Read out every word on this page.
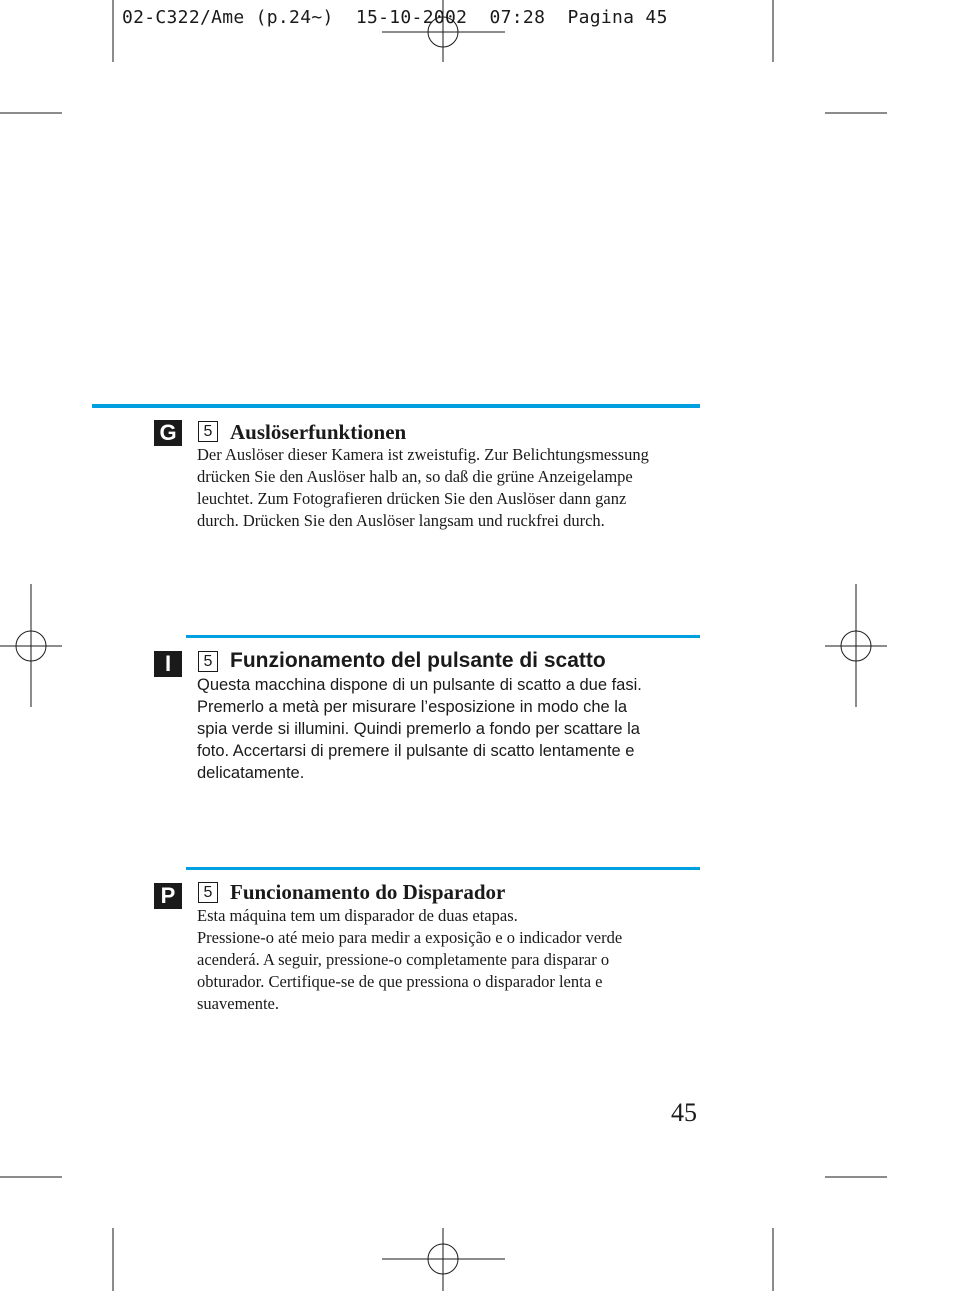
02-C322/Ame (p.24~)  15-10-2002  07:28  Pagina 45
G	5 Auslöserfunktionen
Der Auslöser dieser Kamera ist zweistufig. Zur Belichtungsmessung
drücken Sie den Auslöser halb an, so daß die grüne Anzeigelampe
leuchtet. Zum Fotografieren drücken Sie den Auslöser dann ganz
durch. Drücken Sie den Auslöser langsam und ruckfrei durch.
I	5 Funzionamento del pulsante di scatto
Questa macchina dispone di un pulsante di scatto a due fasi.
Premerlo a metà per misurare l’esposizione in modo che la
spia verde si illumini. Quindi premerlo a fondo per scattare la
foto. Accertarsi di premere il pulsante di scatto lentamente e
delicatamente.
P	5 Funcionamento do Disparador
Esta máquina tem um disparador de duas etapas.
Pressione-o até meio para medir a exposição e o indicador verde
acenderá. A seguir, pressione-o completamente para disparar o
obturador. Certifique-se de que pressiona o disparador lenta e
suavemente.
45
